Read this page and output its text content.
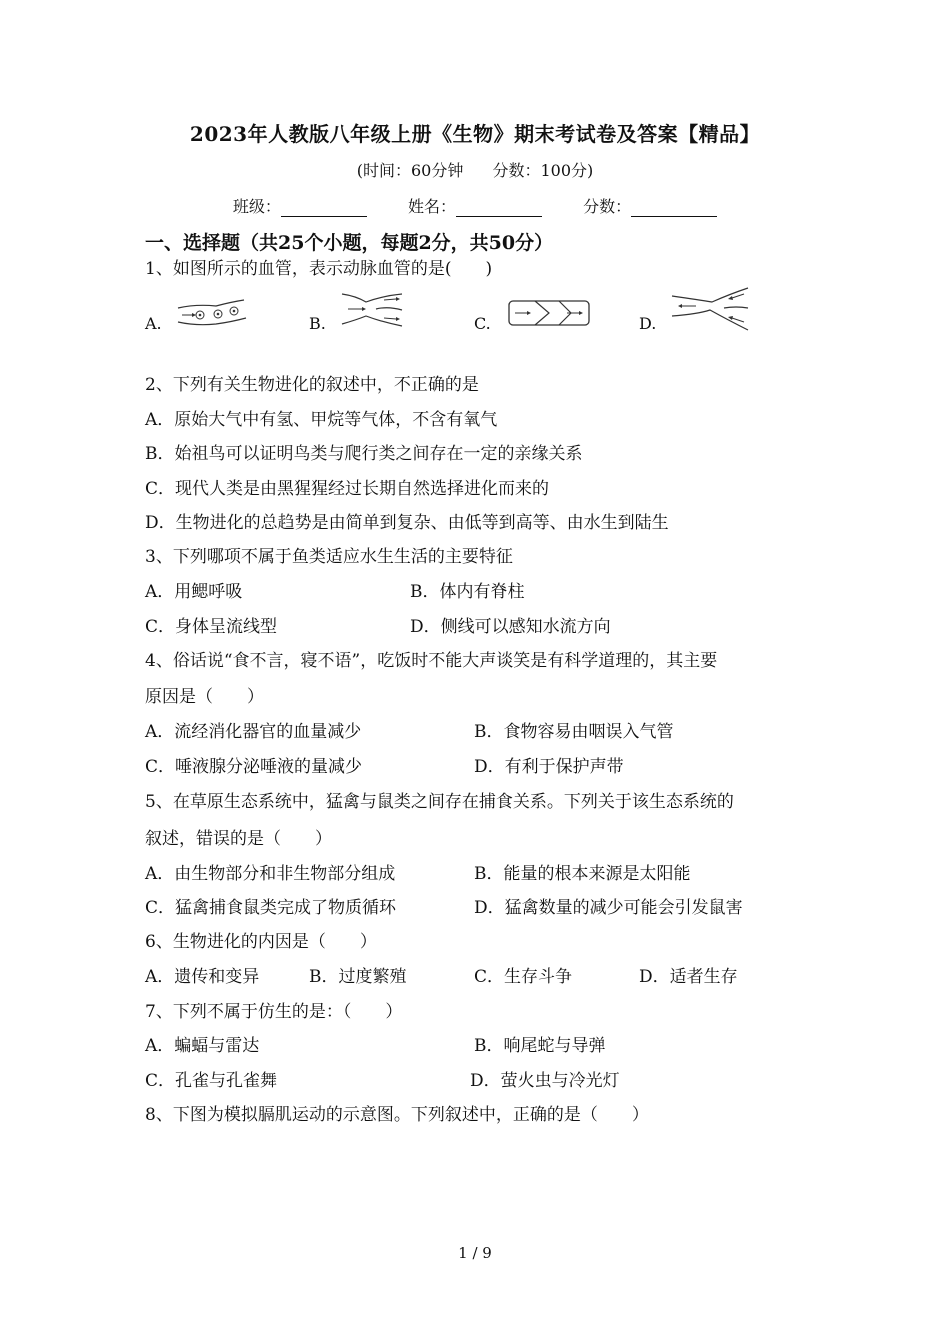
2023年人教版八年级上册《生物》期末考试卷及答案【精品】
(时间：60分钟 分数：100分)
班级：	姓名：	分数：
一、选择题（共25个小题，每题2分，共50分）
1、如图所示的血管，表示动脉血管的是(　　)
A.	B.	C.	D.
2、下列有关生物进化的叙述中，不正确的是
A．原始大气中有氢、甲烷等气体，不含有氧气
B．始祖鸟可以证明鸟类与爬行类之间存在一定的亲缘关系
C．现代人类是由黑猩猩经过长期自然选择进化而来的
D．生物进化的总趋势是由简单到复杂、由低等到高等、由水生到陆生
3、下列哪项不属于鱼类适应水生生活的主要特征
A．用鳃呼吸	B．体内有脊柱
C．身体呈流线型	D．侧线可以感知水流方向
4、俗话说“食不言，寝不语”，吃饭时不能大声谈笑是有科学道理的，其主要
原因是（　　）
A．流经消化器官的血量减少	B．食物容易由咽误入气管
C．唾液腺分泌唾液的量减少	D．有利于保护声带
5、在草原生态系统中，猛禽与鼠类之间存在捕食关系。下列关于该生态系统的
叙述，错误的是（　　）
A．由生物部分和非生物部分组成	B．能量的根本来源是太阳能
C．猛禽捕食鼠类完成了物质循环	D．猛禽数量的减少可能会引发鼠害
6、生物进化的内因是（　　）
A．遗传和变异	B．过度繁殖	C．生存斗争	D．适者生存
7、下列不属于仿生的是：（　　）
A．蝙蝠与雷达	B．响尾蛇与导弹
C．孔雀与孔雀舞	D．萤火虫与冷光灯
8、下图为模拟膈肌运动的示意图。下列叙述中，正确的是（　　）
1 / 9
